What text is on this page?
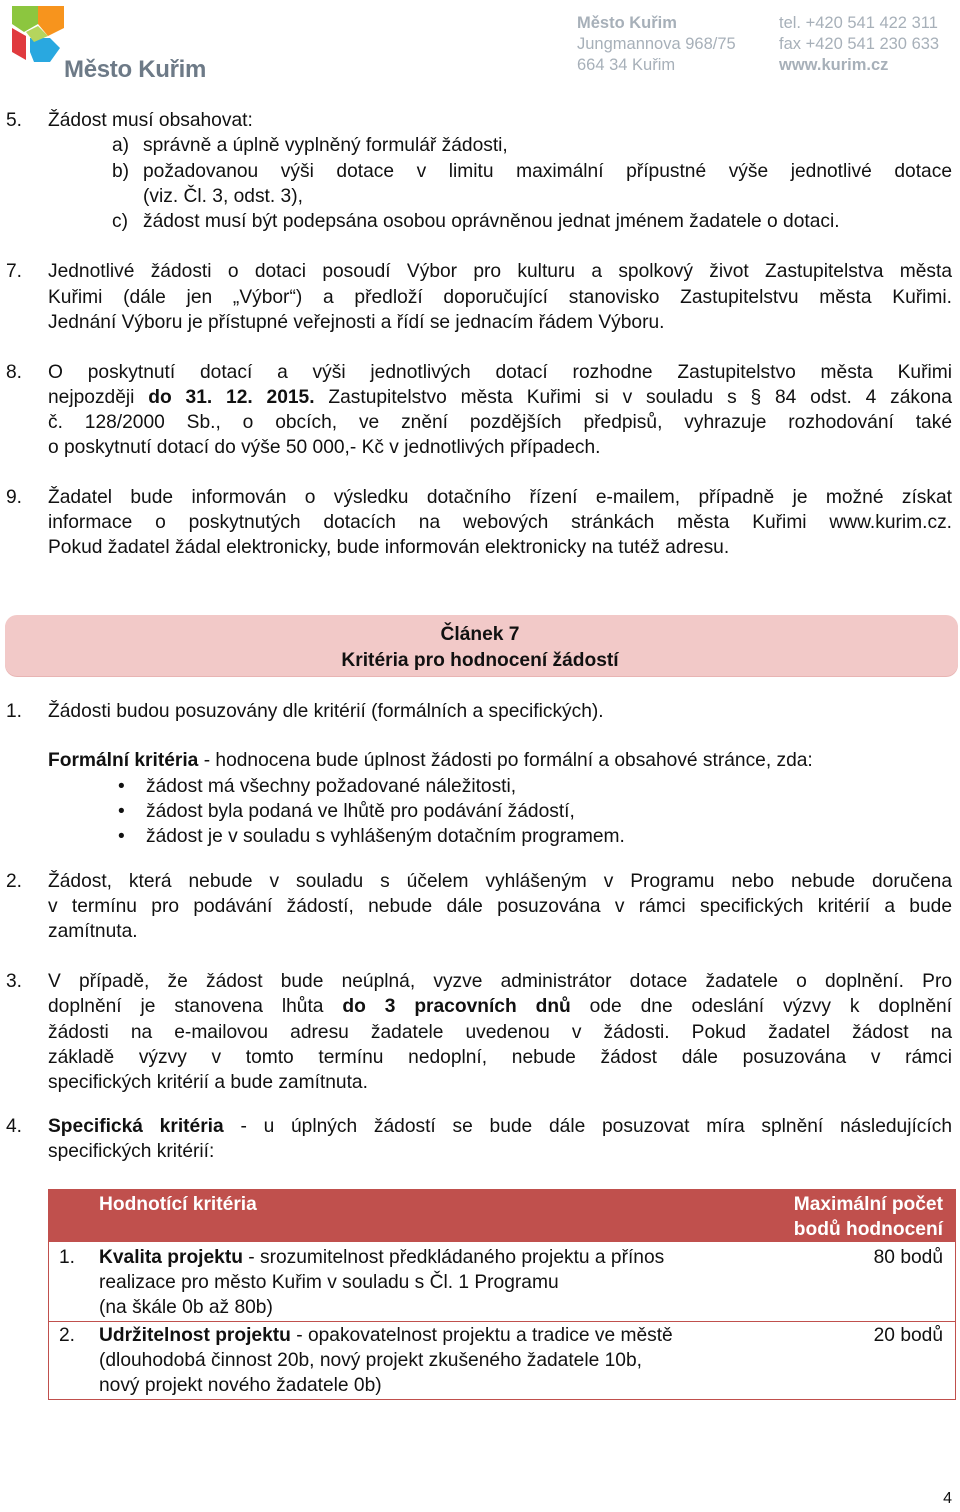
Město Kuřim
Město Kuřim
Jungmannova 968/75
664 34 Kuřim
tel. +420 541 422 311
fax +420 541 230 633
www.kurim.cz
5. Žádost musí obsahovat:
a) správně a úplně vyplněný formulář žádosti,
b) požadovanou výši dotace v limitu maximální přípustné výše jednotlivé dotace
(viz. Čl. 3, odst. 3),
c) žádost musí být podepsána osobou oprávněnou jednat jménem žadatele o dotaci.
7. Jednotlivé žádosti o dotaci posoudí Výbor pro kulturu a spolkový život Zastupitelstva města
Kuřimi (dále jen „Výbor“) a předloží doporučující stanovisko Zastupitelstvu města Kuřimi.
Jednání Výboru je přístupné veřejnosti a řídí se jednacím řádem Výboru.
8. O poskytnutí dotací a výši jednotlivých dotací rozhodne Zastupitelstvo města Kuřimi
nejpozději do 31. 12. 2015. Zastupitelstvo města Kuřimi si v souladu s § 84 odst. 4 zákona
č. 128/2000 Sb., o obcích, ve znění pozdějších předpisů, vyhrazuje rozhodování také
o poskytnutí dotací do výše 50 000,- Kč v jednotlivých případech.
9. Žadatel bude informován o výsledku dotačního řízení e-mailem, případně je možné získat
informace o poskytnutých dotacích na webových stránkách města Kuřimi www.kurim.cz.
Pokud žadatel žádal elektronicky, bude informován elektronicky na tutéž adresu.
Článek 7
Kritéria pro hodnocení žádostí
1. Žádosti budou posuzovány dle kritérií (formálních a specifických).
Formální kritéria - hodnocena bude úplnost žádosti po formální a obsahové stránce, zda:
• žádost má všechny požadované náležitosti,
• žádost byla podaná ve lhůtě pro podávání žádostí,
• žádost je v souladu s vyhlášeným dotačním programem.
2. Žádost, která nebude v souladu s účelem vyhlášeným v Programu nebo nebude doručena
v termínu pro podávání žádostí, nebude dále posuzována v rámci specifických kritérií a bude
zamítnuta.
3. V případě, že žádost bude neúplná, vyzve administrátor dotace žadatele o doplnění. Pro
doplnění je stanovena lhůta do 3 pracovních dnů ode dne odeslání výzvy k doplnění
žádosti na e-mailovou adresu žadatele uvedenou v žádosti. Pokud žadatel žádost na
základě výzvy v tomto termínu nedoplní, nebude žádost dále posuzována v rámci
specifických kritérií a bude zamítnuta.
4. Specifická kritéria - u úplných žádostí se bude dále posuzovat míra splnění následujících
specifických kritérií:
Hodnotící kritéria	Maximální počet
bodů hodnocení
1. Kvalita projektu - srozumitelnost předkládaného projektu a přínos
realizace pro město Kuřim v souladu s Čl. 1 Programu
(na škále 0b až 80b)
80 bodů
2. Udržitelnost projektu - opakovatelnost projektu a tradice ve městě
(dlouhodobá činnost 20b, nový projekt zkušeného žadatele 10b,
nový projekt nového žadatele 0b)
20 bodů
4
